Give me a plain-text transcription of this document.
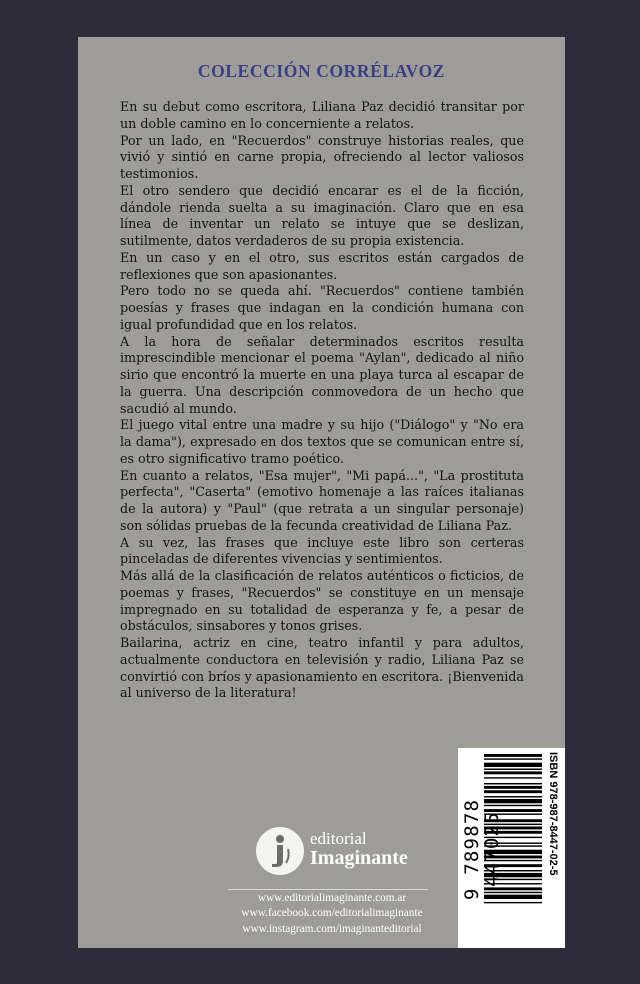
COLECCIÓN CORRÉLAVOZ

En su debut como escritora, Liliana Paz decidió transitar por un doble camino en lo concerniente a relatos.

Por un lado, en "Recuerdos" construye historias reales, que vivió y sintió en carne propia, ofreciendo al lector valiosos testimonios.

El otro sendero que decidió encarar es el de la ficción, dándole rienda suelta a su imaginación. Claro que en esa línea de inventar un relato se intuye que se deslizan, sutilmente, datos verdaderos de su propia existencia.

En un caso y en el otro, sus escritos están cargados de reflexiones que son apasionantes.

Pero todo no se queda ahí. "Recuerdos" contiene también poesías y frases que indagan en la condición humana con igual profundidad que en los relatos.

A la hora de señalar determinados escritos resulta imprescindible mencionar el poema "Aylan", dedicado al niño sirio que encontró la muerte en una playa turca al escapar de la guerra. Una descripción conmovedora de un hecho que sacudió al mundo.

El juego vital entre una madre y su hijo ("Diálogo" y "No era la dama"), expresado en dos textos que se comunican entre sí, es otro significativo tramo poético.

En cuanto a relatos, "Esa mujer", "Mi papá...", "La prostituta perfecta", "Caserta" (emotivo homenaje a las raíces italianas de la autora) y "Paul" (que retrata a un singular personaje) son sólidas pruebas de la fecunda creatividad de Liliana Paz.

A su vez, las frases que incluye este libro son certeras pinceladas de diferentes vivencias y sentimientos.

Más allá de la clasificación de relatos auténticos o ficticios, de poemas y frases, "Recuerdos" se constituye en un mensaje impregnado en su totalidad de esperanza y fe, a pesar de obstáculos, sinsabores y tonos grises.

Bailarina, actriz en cine, teatro infantil y para adultos, actualmente conductora en televisión y radio, Liliana Paz se convirtió con bríos y apasionamiento en escritora. ¡Bienvenida al universo de la literatura!

editorial
Imaginante
www.editorialimaginante.com.ar
www.facebook.com/editorialimaginante
www.instagram.com/imaginanteditorial
9 789878 447025	ISBN 978-987-8447-02-5
